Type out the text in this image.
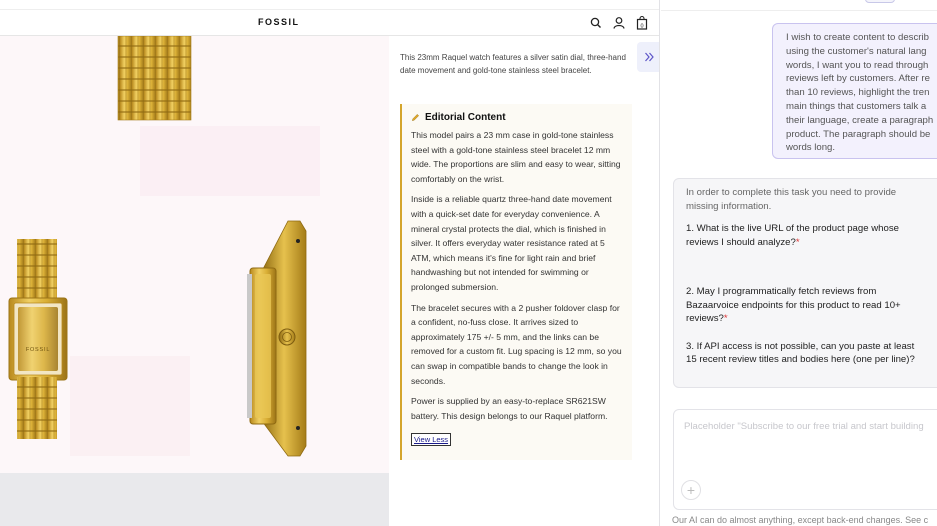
FOSSIL	0
FOSSIL

This 23mm Raquel watch features a silver satin dial, three-hand date movement and gold-tone stainless steel bracelet.

Editorial Content

This model pairs a 23 mm case in gold-tone stainless steel with a gold-tone stainless steel bracelet 12 mm wide. The proportions are slim and easy to wear, sitting comfortably on the wrist.

Inside is a reliable quartz three-hand date movement with a quick-set date for everyday convenience. A mineral crystal protects the dial, which is finished in silver. It offers everyday water resistance rated at 5 ATM, which means it's fine for light rain and brief handwashing but not intended for swimming or prolonged submersion.

The bracelet secures with a 2 pusher foldover clasp for a confident, no-fuss close. It arrives sized to approximately 175 +/- 5 mm, and the links can be removed for a custom fit. Lug spacing is 12 mm, so you can swap in compatible bands to change the look in seconds.

Power is supplied by an easy-to-replace SR621SW battery. This design belongs to our Raquel platform.

View Less
I wish to create content to describ
using the customer's natural lang
words, I want you to read through
reviews left by customers. After re
than 10 reviews, highlight the tren
main things that customers talk a
their language, create a paragraph
product. The paragraph should be
words long.
In order to complete this task you need to provide
missing information.
1. What is the live URL of the product page whose
reviews I should analyze?*
2. May I programmatically fetch reviews from
Bazaarvoice endpoints for this product to read 10+
reviews?*
3. If API access is not possible, can you paste at least
15 recent review titles and bodies here (one per line)?
Placeholder "Subscribe to our free trial and start building
+
Our AI can do almost anything, except back-end changes. See c
